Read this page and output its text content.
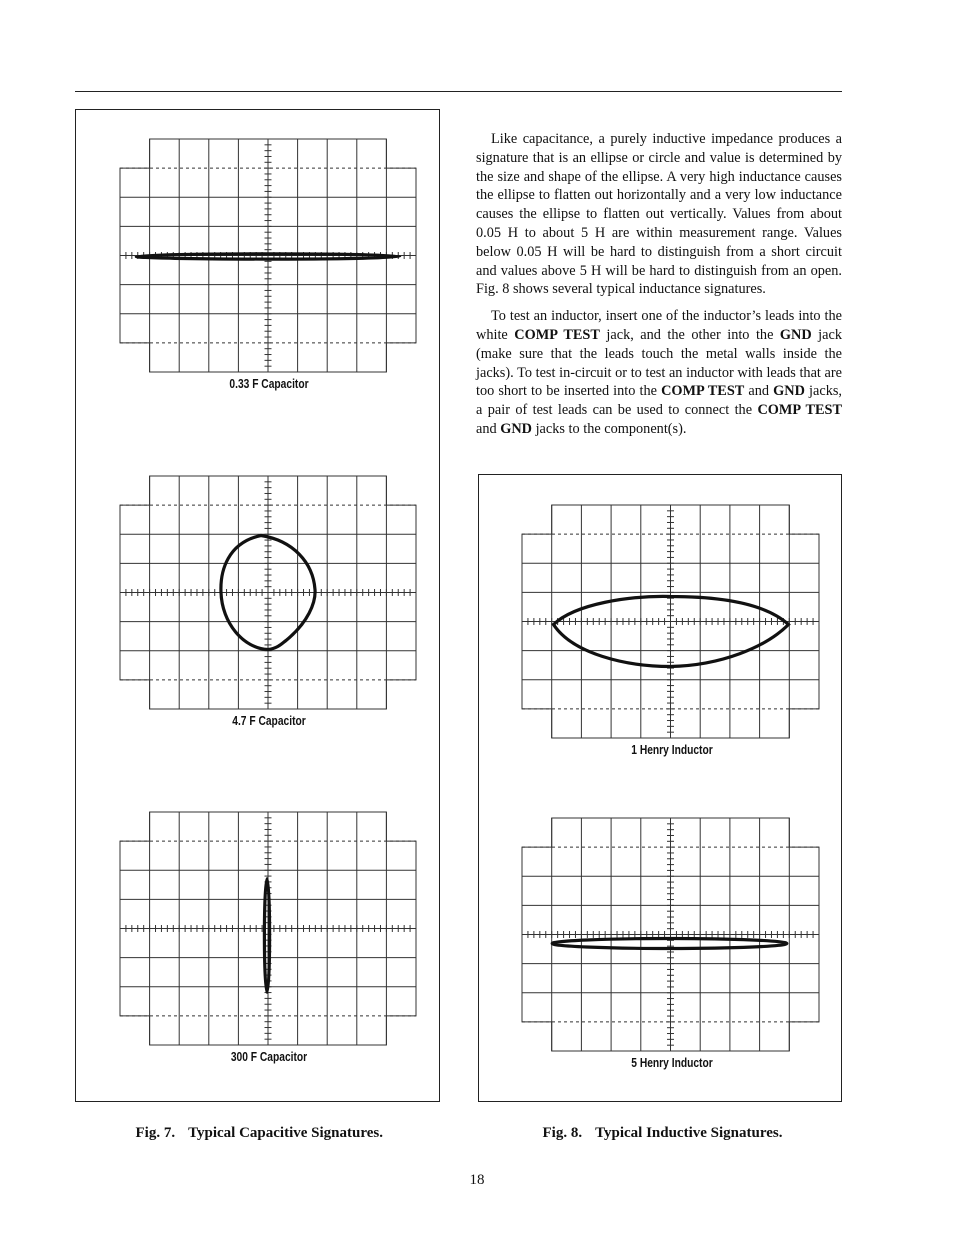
0.33 F Capacitor
4.7 F Capacitor
300 F Capacitor
1 Henry Inductor
5 Henry Inductor

Fig. 7. Typical Capacitive Signatures.	Fig. 8. Typical Inductive Signatures.

Like capacitance, a purely inductive impedance produces a signature that is an ellipse or circle and value is determined by the size and shape of the ellipse. A very high inductance causes the ellipse to flatten out horizontally and a very low inductance causes the ellipse to flatten out vertically. Values from about 0.05 H to about 5 H are within measurement range. Values below 0.05 H will be hard to distinguish from a short circuit and values above 5 H will be hard to distinguish from an open. Fig. 8 shows several typical inductance signatures.

To test an inductor, insert one of the inductor’s leads into the white COMP TEST jack, and the other into the GND jack (make sure that the leads touch the metal walls inside the jacks). To test in-circuit or to test an inductor with leads that are too short to be inserted into the COMP TEST and GND jacks, a pair of test leads can be used to connect the COMP TEST and GND jacks to the component(s).

18
